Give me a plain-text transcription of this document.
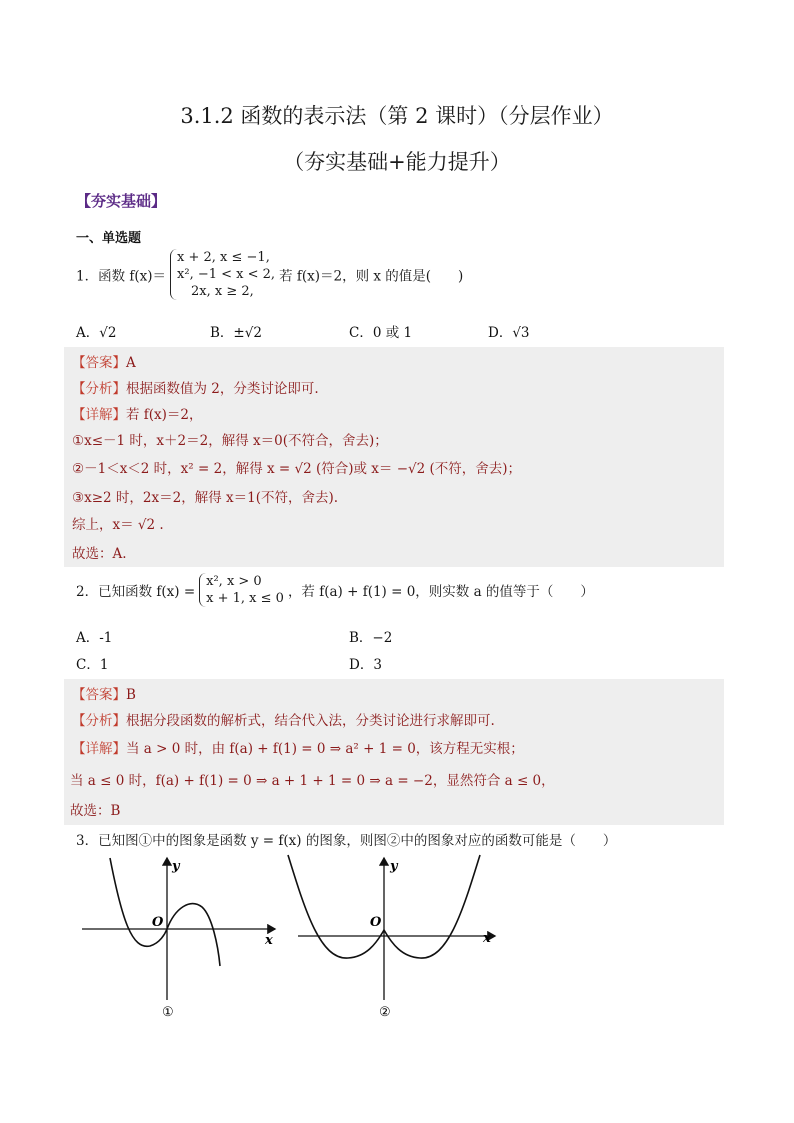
3.1.2 函数的表示法（第 2 课时）（分层作业）
（夯实基础+能力提升）
【夯实基础】
一、单选题
1．函数 f(x)＝
x + 2, x ≤ −1,
x², −1 < x < 2,
2x, x ≥ 2,
若 f(x)＝2，则 x 的值是(　　)
A．√2	B．±√2	C．0 或 1	D．√3
【答案】A
【分析】根据函数值为 2，分类讨论即可.
【详解】若 f(x)＝2，
①x≤－1 时，x＋2＝2，解得 x＝0(不符合，舍去)；
②－1＜x＜2 时，x² = 2，解得 x = √2 (符合)或 x＝ −√2 (不符，舍去)；
③x≥2 时，2x＝2，解得 x＝1(不符，舍去).
综上，x＝ √2 .
故选：A.
2．已知函数 f(x) =
x², x > 0
x + 1, x ≤ 0 ，若 f(a) + f(1) = 0，则实数 a 的值等于（　　）
A．-1	B．−2
C．1	D．3
【答案】B
【分析】根据分段函数的解析式，结合代入法，分类讨论进行求解即可.
【详解】当 a > 0 时，由 f(a) + f(1) = 0 ⇒ a² + 1 = 0，该方程无实根；
当 a ≤ 0 时，f(a) + f(1) = 0 ⇒ a + 1 + 1 = 0 ⇒ a = −2，显然符合 a ≤ 0，
故选：B
3．已知图①中的图象是函数 y = f(x) 的图象，则图②中的图象对应的函数可能是（　　）
y
x
O
①
y
x
O
②
